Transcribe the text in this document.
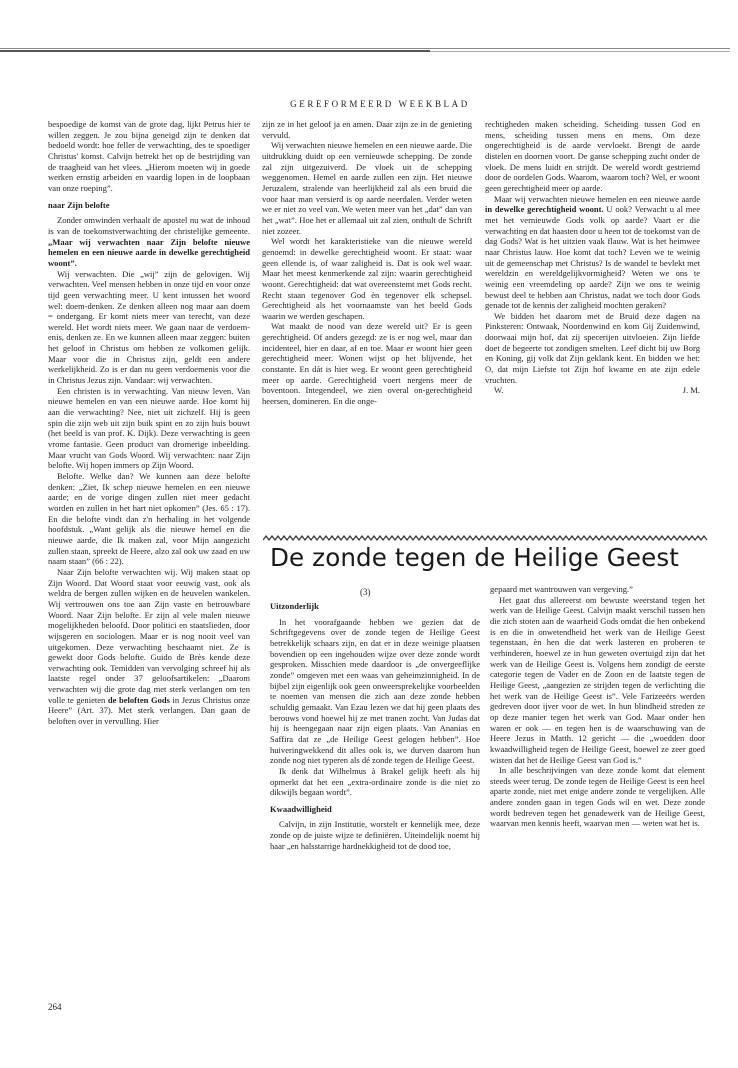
GEREFORMEERD WEEKBLAD

bespoedige de komst van de grote dag, lijkt Petrus hier te willen zeggen. Je zou bijna geneigd zijn te denken dat bedoeld wordt: hoe feller de verwachting, des te spoediger Christus' komst. Calvijn betrekt het op de bestrijding van de traagheid van het vlees. „Hierom moeten wij in goede werken ernstig arbeiden en vaardig lopen in de loopbaan van onze roeping”.

naar Zijn belofte

Zonder omwinden verhaalt de apostel nu wat de inhoud is van de toekomstverwachting der christelijke gemeente. „Maar wij verwachten naar Zijn belofte nieuwe hemelen en een nieuwe aarde in dewelke gerechtigheid woont”.

Wij verwachten. Die „wij” zijn de gelovigen. Wij verwachten. Veel mensen hebben in onze tijd en voor onze tijd geen verwachting meer. U kent intussen het woord wel: doem-denken. Ze denken alleen nog maar aan doem = ondergang. Er komt niets meer van terecht, van deze wereld. Het wordt niets meer. We gaan naar de verdoem-enis, denken ze. En we kunnen alleen maar zeggen: buiten het geloof in Christus om hebben ze volkomen gelijk. Maar voor die in Christus zijn, geldt een andere werkelijkheid. Zo is er dan nu geen verdoemenis voor die in Christus Jezus zijn. Vandaar: wij verwachten.

Een christen is in verwachting. Van nieuw leven. Van nieuwe hemelen en van een nieuwe aarde. Hoe komt hij aan die verwachting? Nee, niet uit zichzelf. Hij is geen spin die zijn web uit zijn buik spint en zo zijn huis bouwt (het beeld is van prof. K. Dijk). Deze verwachting is geen vrome fantasie. Geen product van dromerige inbeelding. Maar vrucht van Gods Woord. Wij verwachten: naar Zijn belofte. Wij hopen immers op Zijn Woord.

Belofte. Welke dan? We kunnen aan deze belofte denken: „Ziet, Ik schep nieuwe hemelen en een nieuwe aarde; en de vorige dingen zullen niet meer gedacht worden en zullen in het hart niet opkomen” (Jes. 65 : 17). En die belofte vindt dan z'n herhaling in het volgende hoofdstuk. „Want gelijk als die nieuwe hemel en die nieuwe aarde, die Ik maken zal, voor Mijn aangezicht zullen staan, spreekt de Heere, alzo zal ook uw zaad en uw naam staan” (66 : 22).

Naar Zijn belofte verwachten wij. Wij maken staat op Zijn Woord. Dat Woord staat voor eeuwig vast, ook als weldra de bergen zullen wijken en de heuvelen wankelen. Wij vertrouwen ons toe aan Zijn vaste en betrouwbare Woord. Naar Zijn belofte. Er zijn al vele malen nieuwe mogelijkheden beloofd. Door politici en staatslieden, door wijsgeren en sociologen. Maar er is nog nooit veel van uitgekomen. Deze verwachting beschaamt niet. Ze is gewekt door Gods belofte. Guido de Brès kende deze verwachting ook. Temidden van vervolging schreef hij als laatste regel onder 37 geloofsartikelen: „Daarom verwachten wij die grote dag met sterk verlangen om ten volle te genieten de beloften Gods in Jezus Christus onze Heere” (Art. 37). Met sterk verlangen. Dan gaan de beloften over in vervulling. Hier

zijn ze in het geloof ja en amen. Daar zijn ze in de genieting vervuld.

Wij verwachten nieuwe hemelen en een nieuwe aarde. Die uitdrukking duidt op een vernieuwde schepping. De zonde zal zijn uitgezuiverd. De vloek uit de schepping weggenomen. Hemel en aarde zullen een zijn. Het nieuwe Jeruzalem, stralende van heerlijkheid zal als een bruid die voor haar man versierd is op aarde neerdalen. Verder weten we er niet zo veel van. We weten meer van het „dat” dan van het „wat”. Hoe het er allemaal uit zal zien, onthult de Schrift niet zozeer.

Wel wordt het karakteristieke van die nieuwe wereld genoemd: in dewelke gerechtigheid woont. Er staat: waar geen ellende is, of waar zaligheid is. Dat is ook wel waar. Maar het meest kenmerkende zal zijn: waarin gerechtigheid woont. Gerechtigheid: dat wat overeenstemt met Gods recht. Recht staan tegenover God èn tegenover elk schepsel. Gerechtigheid als het voornaamste van het beeld Gods waarin we werden geschapen.

Wat maakt de nood van deze wereld uit? Er is geen gerechtigheid. Of anders gezegd: ze is er nog wel, maar dan incidenteel, hier en daar, af en toe. Maar er woont hier geen gerechtigheid meer. Wonen wijst op het blijvende, het constante. En dát is hier weg. Er woont geen gerechtigheid meer op aarde. Gerechtigheid voert nergens meer de boventoon. Integendeel, we zien overal on-gerechtigheid heersen, domineren. En die onge-

rechtigheden maken scheiding. Scheiding tussen God en mens, scheiding tussen mens en mens. Om deze ongerechtigheid is de aarde vervloekt. Brengt de aarde distelen en doornen voort. De ganse schepping zucht onder de vloek. De mens luidt en strijdt. De wereld wordt gestriemd door de oordelen Gods. Waarom, waarom toch? Wel, er woont geen gerechtigheid meer op aarde.

Maar wij verwachten nieuwe hemelen en een nieuwe aarde in dewelke gerechtigheid woont. U ook? Verwacht u al mee met het vernieuwde Gods volk op aarde? Vaart er die verwachting en dat haasten door u heen tot de toekomst van de dag Gods? Wat is het uitzien vaak flauw. Wat is het heimwee naar Christus lauw. Hoe komt dat toch? Leven we te weinig uit de gemeenschap met Christus? Is de wandel te bevlekt met wereldzin en wereldgelijkvormigheid? Weten we ons te weinig een vreemdeling op aarde? Zijn we ons te weinig bewust deel te hebben aan Christus, nadat we toch door Gods genade tot de kennis der zaligheid mochten geraken?

We bidden het daarom met de Bruid deze dagen na Pinksteren: Ontwaak, Noordenwind en kom Gij Zuidenwind, doorwaai mijn hof, dat zij specerijen uitvloeien. Zijn liefde doet de begeerte tot zondigen smelten. Leef dicht bij uw Borg en Koning, gij volk dat Zijn geklank kent. En bidden we het: O, dat mijn Liefste tot Zijn hof kwame en ate zijn edele vruchten.

W.	J. M.

De zonde tegen de Heilige Geest
(3)

Uitzonderlijk

In het voorafgaande hebben we gezien dat de Schriftgegevens over de zonde tegen de Heilige Geest betrekkelijk schaars zijn, en dat er in deze weinige plaatsen bovendien op een ingehouden wijze over deze zonde wordt gesproken. Misschien mede daardoor is „de onvergeeflijke zonde” omgeven met een waas van geheimzinnigheid. In de bijbel zijn eigenlijk ook geen onweersprekelijke voorbeelden te noemen van mensen die zich aan deze zonde hebben schuldig gemaakt. Van Ezau lezen we dat hij geen plaats des berouws vond hoewel hij ze met tranen zocht. Van Judas dat hij is heengegaan naar zijn eigen plaats. Van Ananias en Saffira dat ze „de Heilige Geest gelogen hebben”. Hoe huiveringwekkend dit alles ook is, we durven daarom hun zonde nog niet typeren als dé zonde tegen de Heilige Geest.

Ik denk dat Wilhelmus à Brakel gelijk heeft als hij opmerkt dat het een „extra-ordinaire zonde is die niet zo dikwijls begaan wordt”.

Kwaadwilligheid

Calvijn, in zijn Institutie, worstelt er kennelijk mee, deze zonde op de juiste wijze te definiëren. Uiteindelijk noemt hij haar „en halsstarrige hardnekkigheid tot de dood toe,

gepaard met wantrouwen van vergeving.”

Het gaat dus allereerst om bewuste weerstand tegen het werk van de Heilige Geest. Calvijn maakt verschil tussen hen die zich stoten aan de waarheid Gods omdat die hen onbekend is en die in onwetendheid het werk van de Heilige Geest tegenstaan, èn hen die dat werk lasteren en proberen te verhinderen, hoewel ze in hun geweten overtuigd zijn dat het werk van de Heilige Geest is. Volgens hem zondigt de eerste categorie tegen de Vader en de Zoon en de laatste tegen de Heilige Geest, „aangezien ze strijden tegen de verlichting die het werk van de Heilige Geest is”. Vele Farizeeërs werden gedreven door ijver voor de wet. In hun blindheid streden ze op deze manier tegen het werk van God. Maar onder hen waren er ook — en tegen hen is de waarschuwing van de Heere Jezus in Matth. 12 gericht — die „woedden door kwaadwilligheid tegen de Heilige Geest, hoewel ze zeer goed wisten dat het de Heilige Geest van God is.”

In alle beschrijvingen van deze zonde komt dat element steeds weer terug. De zonde tegen de Heilige Geest is een heel aparte zonde, niet met enige andere zonde te vergelijken. Alle andere zonden gaan in tegen Gods wil en wet. Deze zonde wordt bedreven tegen het genadewerk van de Heilige Geest, waarvan men kennis heeft, waarvan men — weten wat het is.

264
